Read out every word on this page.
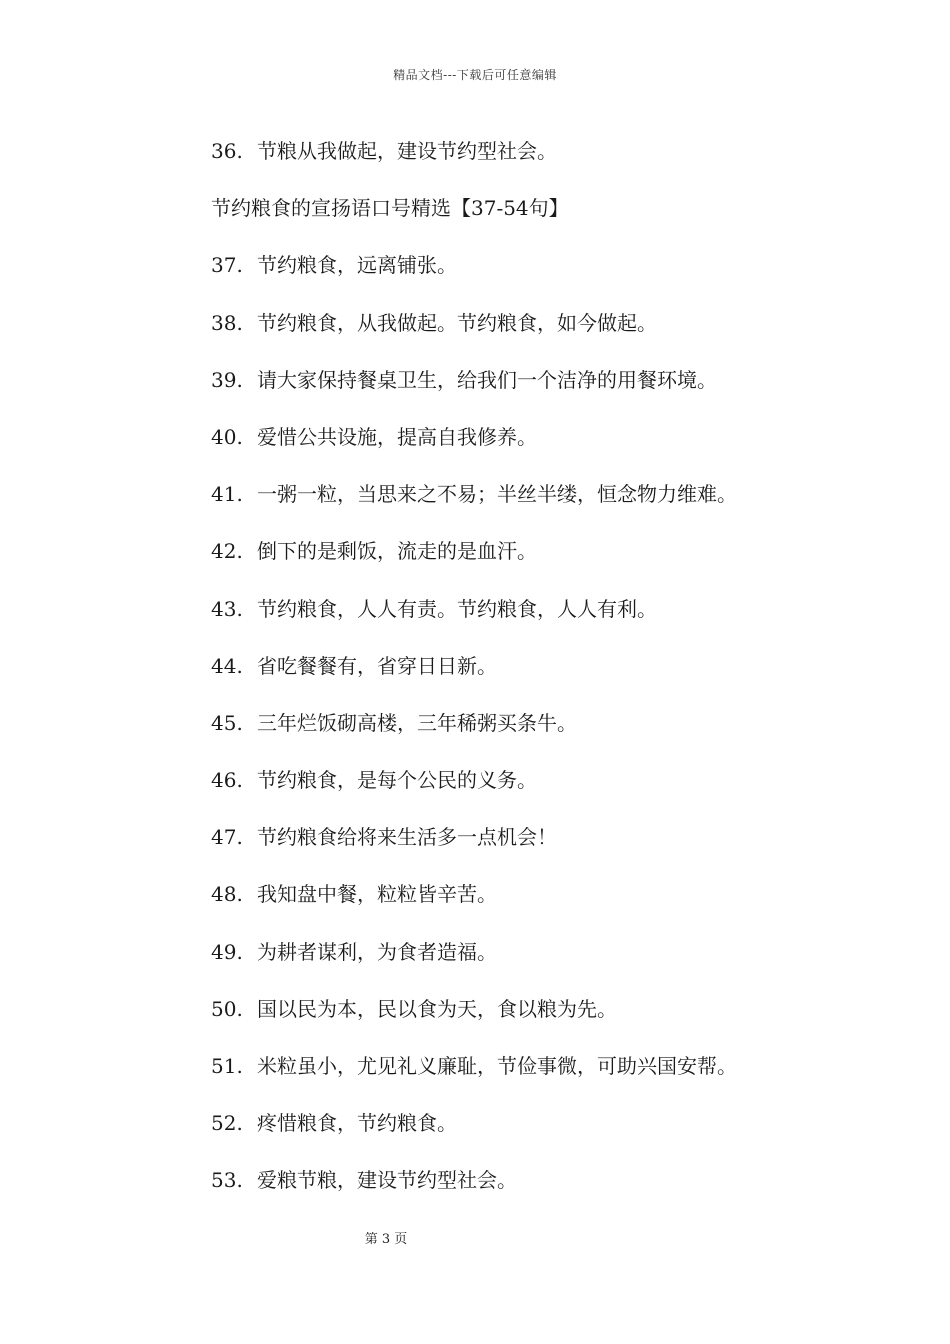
精品文档---下载后可任意编辑
36. 节粮从我做起，建设节约型社会。
节约粮食的宣扬语口号精选【37-54句】
37. 节约粮食，远离铺张。
38. 节约粮食，从我做起。节约粮食，如今做起。
39. 请大家保持餐桌卫生，给我们一个洁净的用餐环境。
40. 爱惜公共设施，提高自我修养。
41. 一粥一粒，当思来之不易；半丝半缕，恒念物力维难。
42. 倒下的是剩饭，流走的是血汗。
43. 节约粮食，人人有责。节约粮食，人人有利。
44. 省吃餐餐有，省穿日日新。
45. 三年烂饭砌高楼，三年稀粥买条牛。
46. 节约粮食，是每个公民的义务。
47. 节约粮食给将来生活多一点机会！
48. 我知盘中餐，粒粒皆辛苦。
49. 为耕者谋利，为食者造福。
50. 国以民为本，民以食为天，食以粮为先。
51. 米粒虽小，尤见礼义廉耻，节俭事微，可助兴国安帮。
52. 疼惜粮食，节约粮食。
53. 爱粮节粮，建设节约型社会。
第 3 页
